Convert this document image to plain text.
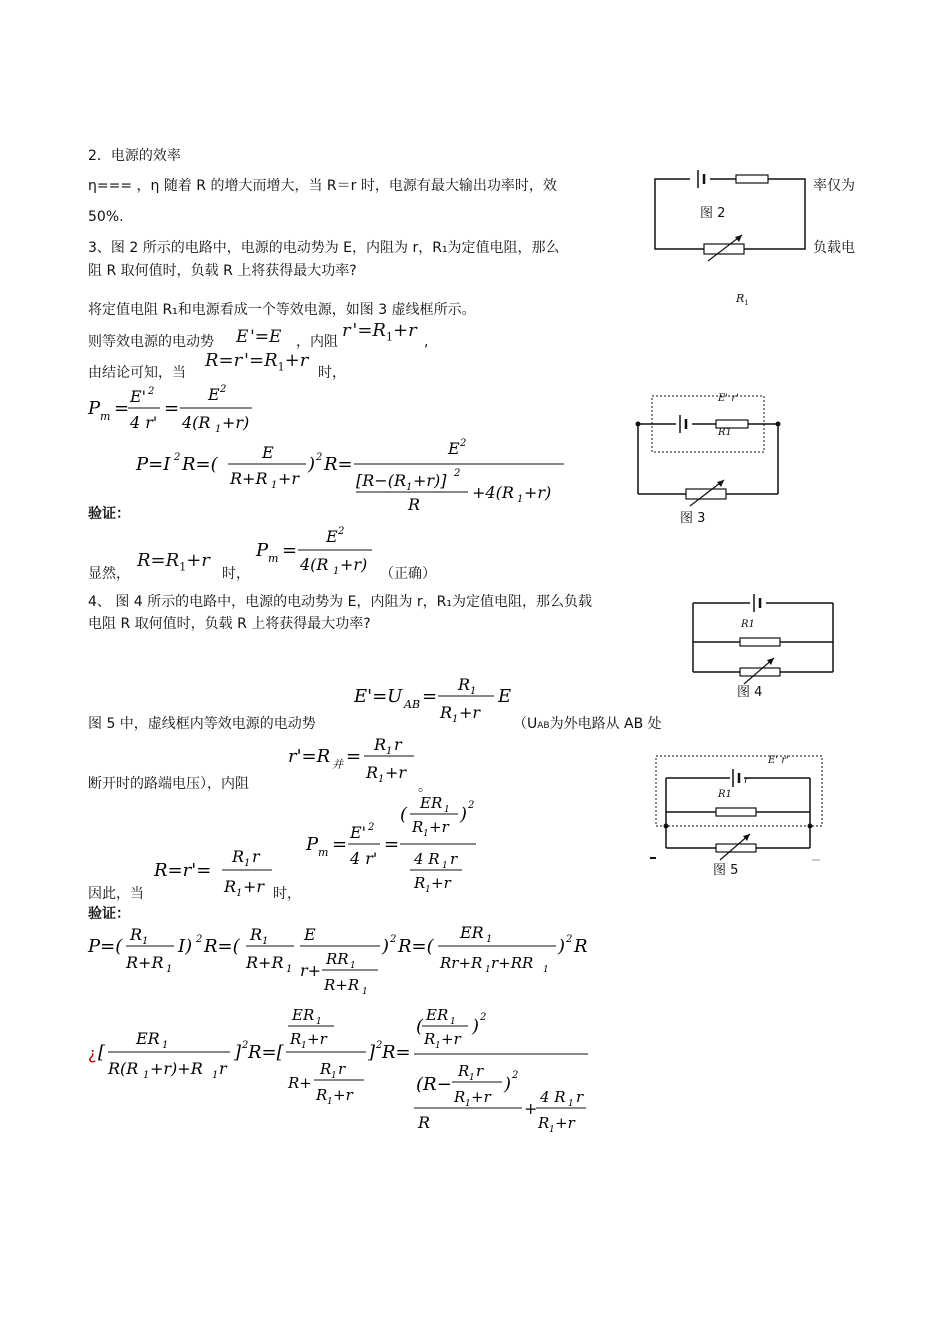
2．电源的效率
η=== ，η 随着 R 的增大而增大，当 R＝r 时，电源有最大输出功率时，效	率仅为
50%.
3、图 2 所示的电路中，电源的电动势为 E，内阻为 r，R₁为定值电阻，那么	负载电
阻 R 取何值时，负载 R 上将获得最大功率?
将定值电阻 R₁和电源看成一个等效电源，如图 3 虚线框所示。
则等效电源的电动势 E '=E ，内阻
r '$=R_1+r$
,
由结论可知，当
R=r '$=R_1+r$
时，
P m =
E' 2
4 r'
=
E 2
4(R 1 +r)
P=I 2 R=(
E
R+R 1 +r
) 2 R=
E 2
[R−(R 1 +r)] 2
R
+4(R 1 +r)
验证：
显然，
$R=R_1+r$
时，
P m =
E 2
4(R 1 +r) （正确）
4、 图 4 所示的电路中，电源的电动势为 E，内阻为 r，R₁为定值电阻，那么负载
电阻 R 取何值时，负载 R 上将获得最大功率?
E'=U AB =
R 1
R 1 +r
E
图 5 中，虚线框内等效电源的电动势	（UAB为外电路从 AB 处
r'=R 并 =
R 1 r
R 1 +r
断开时的路端电压），内阻	。
P m =
E' 2
4 r'
=
(
ER 1
R 1 +r
) 2
4 R 1 r
R 1 +r
因此，当
R=r'=
R 1 r
R 1 +r 时，
验证：
P=(
R 1
R+R 1
I) 2 R=(
R 1
R+R 1
E
r+
RR 1
R+R 1
) 2 R=(
ER 1
Rr+R 1 r+RR 1
) 2 R
¿ [
ER 1
R(R 1 +r)+R 1 r
] 2 R=[
ER 1
R 1 +r
R+
R 1 r
R 1 +r
] 2 R=
(
ER 1
R 1 +r
) 2
(R−
R 1 r
R 1 +r
) 2
R
+
4 R 1 r
R 1 +r
图 2
$R_1$
E' r'
R1
图 3
R1
图 4
E' r'
R1
r
图 5
